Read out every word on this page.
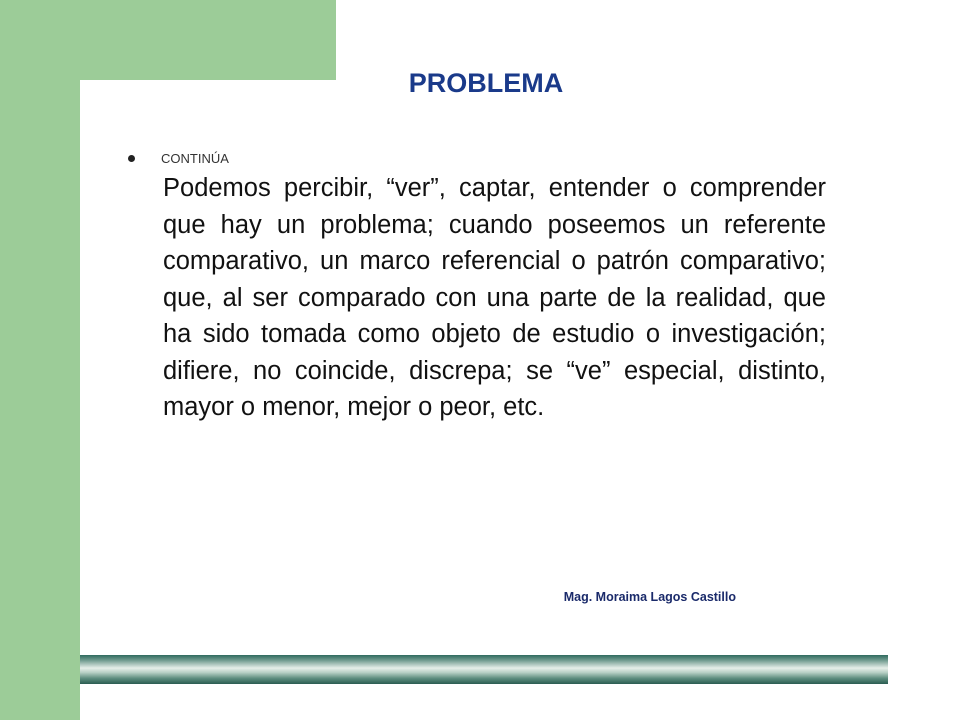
PROBLEMA
CONTINÚA

Podemos percibir, “ver”, captar, entender o comprender que hay un problema; cuando poseemos un referente comparativo, un marco referencial o patrón comparativo; que, al ser comparado con una parte de la realidad, que ha sido tomada como objeto de estudio o investigación; difiere, no coincide, discrepa; se “ve” especial, distinto, mayor o menor, mejor o peor, etc.

Mag. Moraima Lagos Castillo
